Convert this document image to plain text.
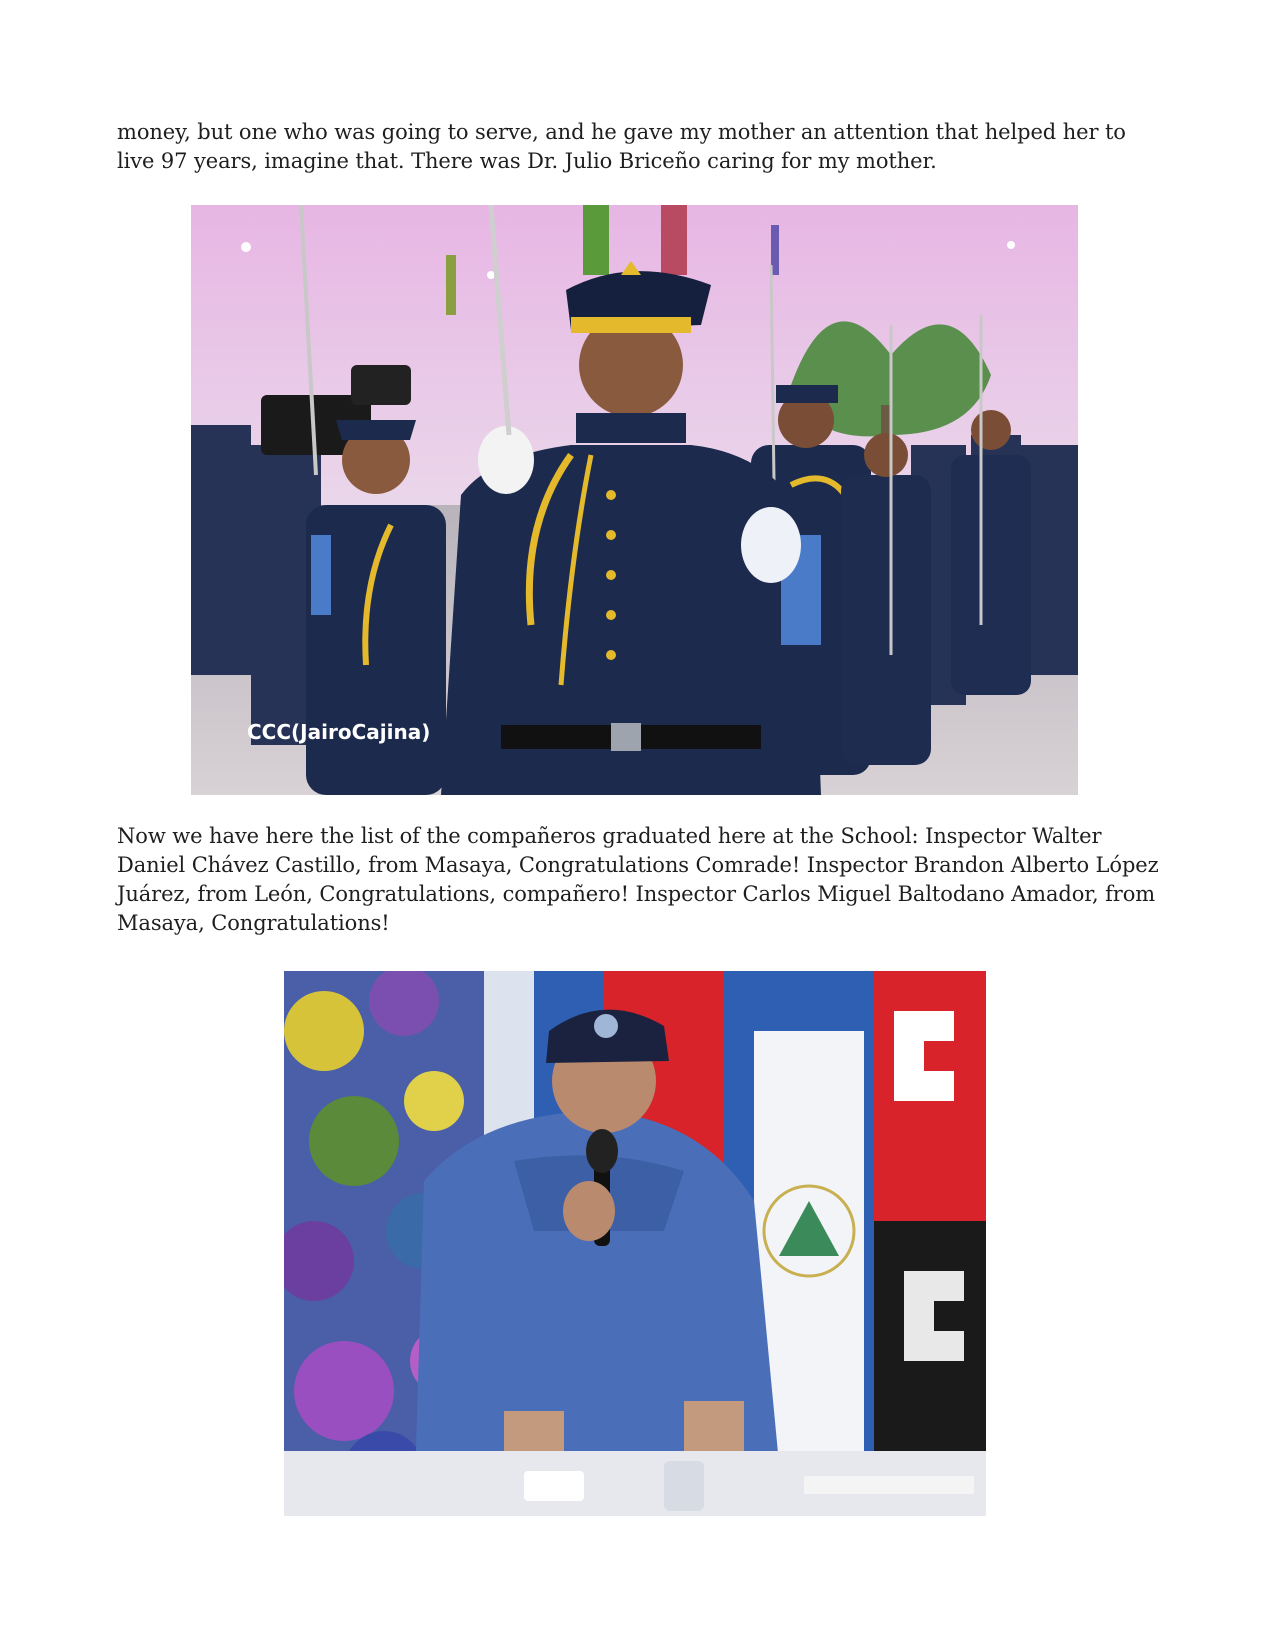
money, but one who was going to serve, and he gave my mother an attention that helped her to live 97 years, imagine that. There was Dr. Julio Briceño caring for my mother.

CCC(JairoCajina)

Now we have here the list of the compañeros graduated here at the School: Inspector Walter Daniel Chávez Castillo, from Masaya, Congratulations Comrade! Inspector Brandon Alberto López Juárez, from León, Congratulations, compañero! Inspector Carlos Miguel Baltodano Amador, from Masaya, Congratulations!
